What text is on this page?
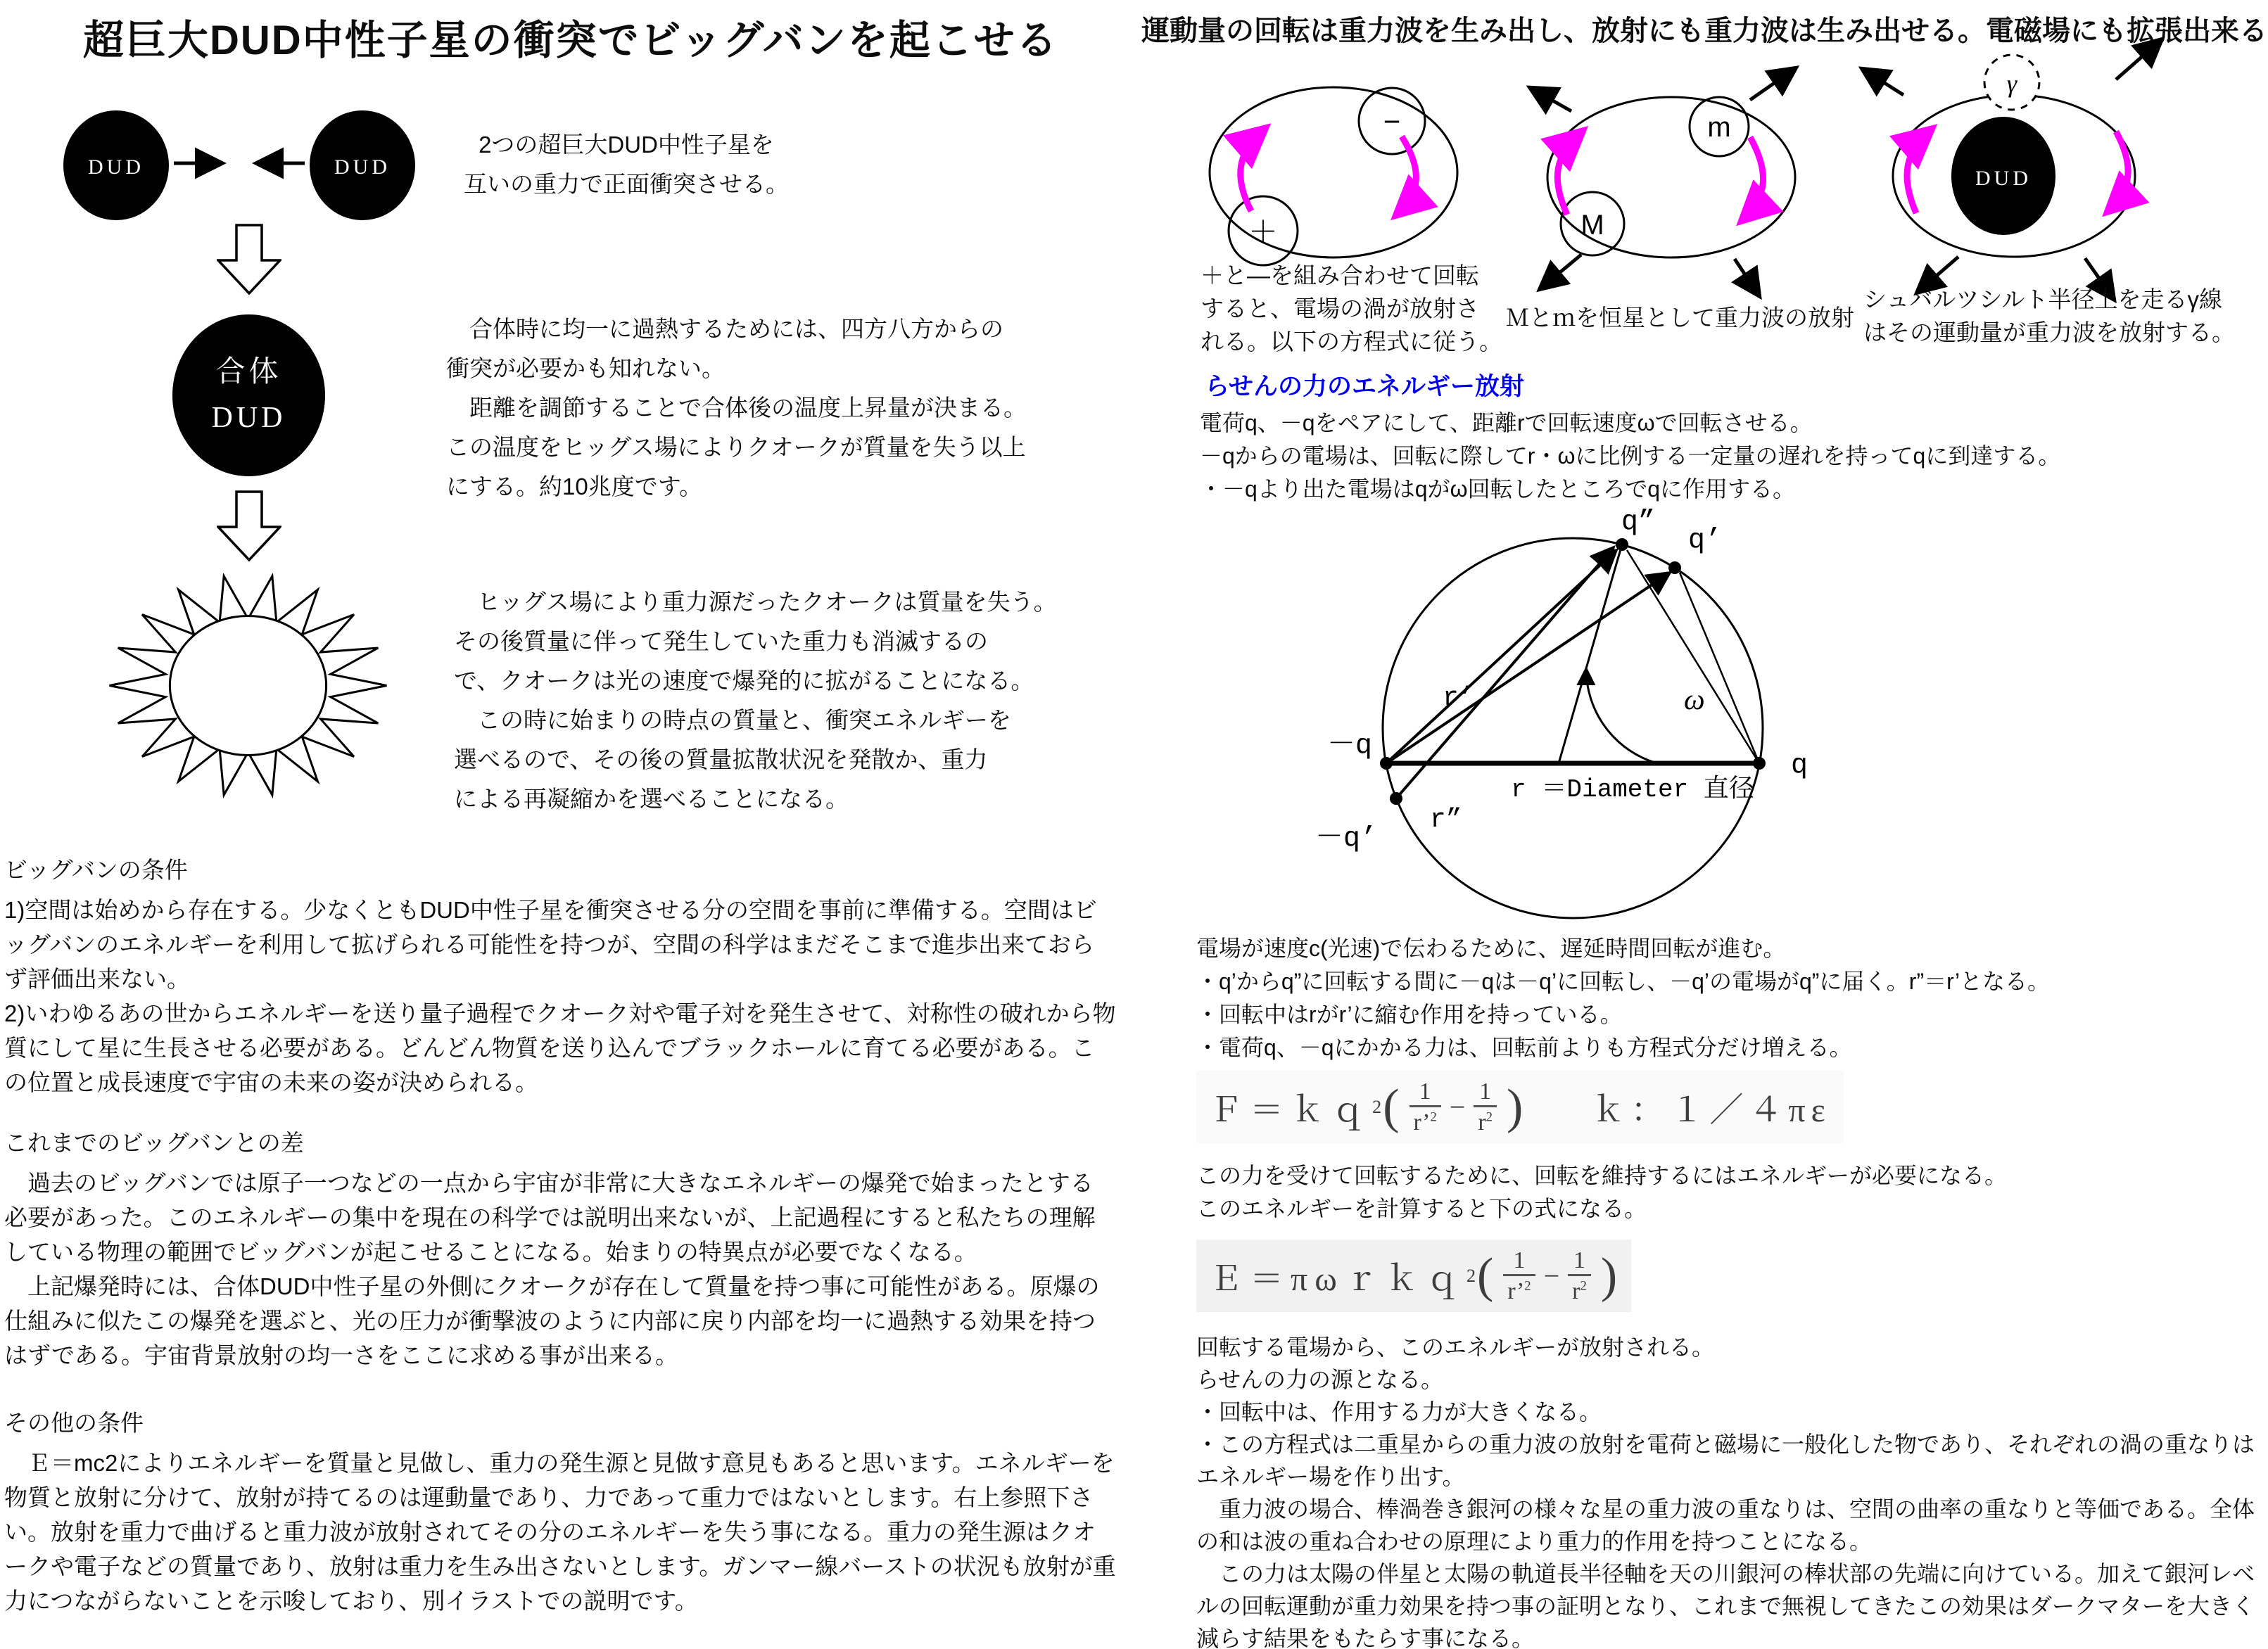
超巨大DUD中性子星の衝突でビッグバンを起こせる
DUD	DUD
2つの超巨大DUD中性子星を
互いの重力で正面衝突させる。
合体
DUD
　合体時に均一に過熱するためには、四方八方からの
衝突が必要かも知れない。
　距離を調節することで合体後の温度上昇量が決まる。
この温度をヒッグス場によりクオークが質量を失う以上
にする。約10兆度です。
　ヒッグス場により重力源だったクオークは質量を失う。
その後質量に伴って発生していた重力も消滅するの
で、クオークは光の速度で爆発的に拡がることになる。
　この時に始まりの時点の質量と、衝突エネルギーを
選べるので、その後の質量拡散状況を発散か、重力
による再凝縮かを選べることになる。
ビッグバンの条件

1)空間は始めから存在する。少なくともDUD中性子星を衝突させる分の空間を事前に準備する。空間はビッグバンのエネルギーを利用して拡げられる可能性を持つが、空間の科学はまだそこまで進歩出来ておらず評価出来ない。

2)いわゆるあの世からエネルギーを送り量子過程でクオーク対や電子対を発生させて、対称性の破れから物質にして星に生長させる必要がある。どんどん物質を送り込んでブラックホールに育てる必要がある。この位置と成長速度で宇宙の未来の姿が決められる。

これまでのビッグバンとの差

　過去のビッグバンでは原子一つなどの一点から宇宙が非常に大きなエネルギーの爆発で始まったとする必要があった。このエネルギーの集中を現在の科学では説明出来ないが、上記過程にすると私たちの理解している物理の範囲でビッグバンが起こせることになる。始まりの特異点が必要でなくなる。

　上記爆発時には、合体DUD中性子星の外側にクオークが存在して質量を持つ事に可能性がある。原爆の仕組みに似たこの爆発を選ぶと、光の圧力が衝撃波のように内部に戻り内部を均一に過熱する効果を持つはずである。宇宙背景放射の均一さをここに求める事が出来る。

その他の条件

　Ｅ＝mc2によりエネルギーを質量と見做し、重力の発生源と見做す意見もあると思います。エネルギーを物質と放射に分けて、放射が持てるのは運動量であり、力であって重力ではないとします。右上参照下さい。放射を重力で曲げると重力波が放射されてその分のエネルギーを失う事になる。重力の発生源はクオークや電子などの質量であり、放射は重力を生み出さないとします。ガンマー線バーストの状況も放射が重力につながらないことを示唆しており、別イラストでの説明です。

運動量の回転は重力波を生み出し、放射にも重力波は生み出せる。電磁場にも拡張出来る
−
＋
＋と―を組み合わせて回転
すると、電場の渦が放射さ
れる。以下の方程式に従う。
m
M
Ｍとｍを恒星として重力波の放射
DUD
γ
シュバルツシルト半径上を走るγ線
はその運動量が重力波を放射する。
らせんの力のエネルギー放射
電荷q、－qをペアにして、距離rで回転速度ωで回転させる。
－qからの電場は、回転に際してr・ωに比例する一定量の遅れを持ってqに到達する。
・－qより出た電場はqがω回転したところでqに作用する。
q”
q’
q
－q
－q’
r’
r”
ω
r ＝Diameter 直径
電場が速度c(光速)で伝わるために、遅延時間回転が進む。
・q’からq”に回転する間に－qは－q’に回転し、－q’の電場がq”に届く。r”＝r’となる。
・回転中はrがr’に縮む作用を持っている。
・電荷q、－qにかかる力は、回転前よりも方程式分だけ増える。
Ｆ＝ｋｑ 2 ( $\frac{1}{r’^2} - \frac{1}{r^2}$ ) ｋ：１／４πε
この力を受けて回転するために、回転を維持するにはエネルギーが必要になる。
このエネルギーを計算すると下の式になる。
Ｅ＝πωｒｋｑ 2 ( $\frac{1}{r’^2} - \frac{1}{r^2}$ )

回転する電場から、このエネルギーが放射される。

らせんの力の源となる。

・回転中は、作用する力が大きくなる。

・この方程式は二重星からの重力波の放射を電荷と磁場に一般化した物であり、それぞれの渦の重なりはエネルギー場を作り出す。

　重力波の場合、棒渦巻き銀河の様々な星の重力波の重なりは、空間の曲率の重なりと等価である。全体の和は波の重ね合わせの原理により重力的作用を持つことになる。

　この力は太陽の伴星と太陽の軌道長半径軸を天の川銀河の棒状部の先端に向けている。加えて銀河レベルの回転運動が重力効果を持つ事の証明となり、これまで無視してきたこの効果はダークマターを大きく減らす結果をもたらす事になる。
